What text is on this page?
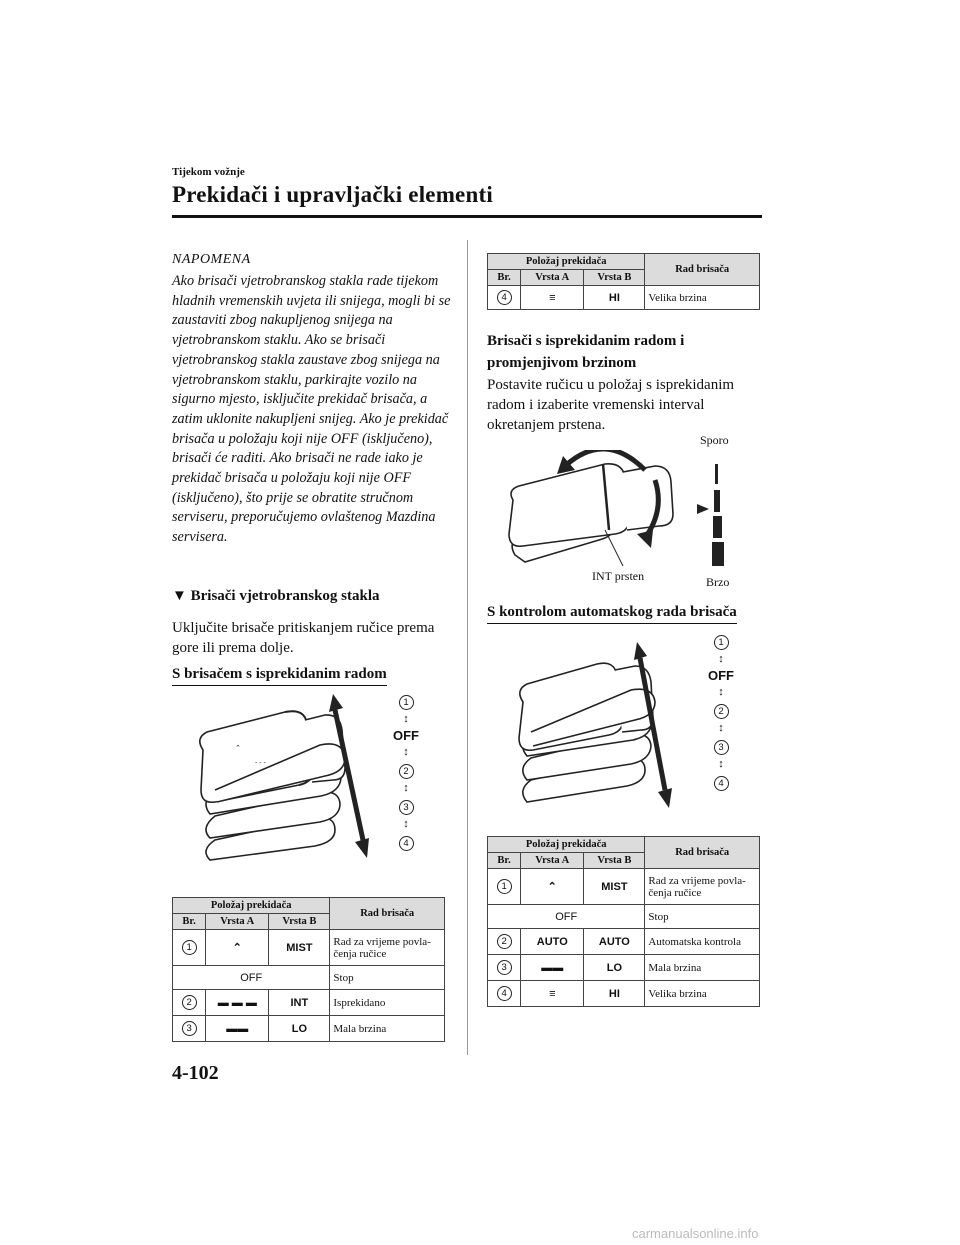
Tijekom vožnje
Prekidači i upravljački elementi
NAPOMENA
Ako brisači vjetrobranskog stakla rade tijekom hladnih vremenskih uvjeta ili snijega, mogli bi se zaustaviti zbog nakupljenog snijega na vjetrobranskom staklu. Ako se brisači vjetrobranskog stakla zaustave zbog snijega na vjetrobranskom staklu, parkirajte vozilo na sigurno mjesto, isključite prekidač brisača, a zatim uklonite nakupljeni snijeg. Ako je prekidač brisača u položaju koji nije OFF (isključeno), brisači će raditi. Ako brisači ne rade iako je prekidač brisača u položaju koji nije OFF (isključeno), što prije se obratite stručnom serviseru, preporučujemo ovlaštenog Mazdina servisera.
▼ Brisači vjetrobranskog stakla
Uključite brisače pritiskanjem ručice prema gore ili prema dolje.
S brisačem s isprekidanim radom
⌃
- - -
1
↕
OFF
↕
2
↕
3
↕
4
Položaj prekidača			Rad brisača
Br.	Vrsta A	Vrsta B	
1	⌃	MIST	Rad za vrijeme povla-čenja ručice
OFF			Stop
2	▬ ▬ ▬	INT	Isprekidano
3	▬▬	LO	Mala brzina
Položaj prekidača			Rad brisača
Br.	Vrsta A	Vrsta B	
4	≡	HI	Velika brzina
Brisači s isprekidanim radom i promjenjivom brzinom
Postavite ručicu u položaj s isprekidanim radom i izaberite vremenski interval okretanjem prstena.
Sporo
Brzo
INT prsten
S kontrolom automatskog rada brisača
1
↕
OFF
↕
2
↕
3
↕
4
Položaj prekidača			Rad brisača
Br.	Vrsta A	Vrsta B	
1	⌃	MIST	Rad za vrijeme povla-čenja ručice
OFF			Stop
2	AUTO	AUTO	Automatska kontrola
3	▬▬	LO	Mala brzina
4	≡	HI	Velika brzina
4-102
carmanualsonline.info
